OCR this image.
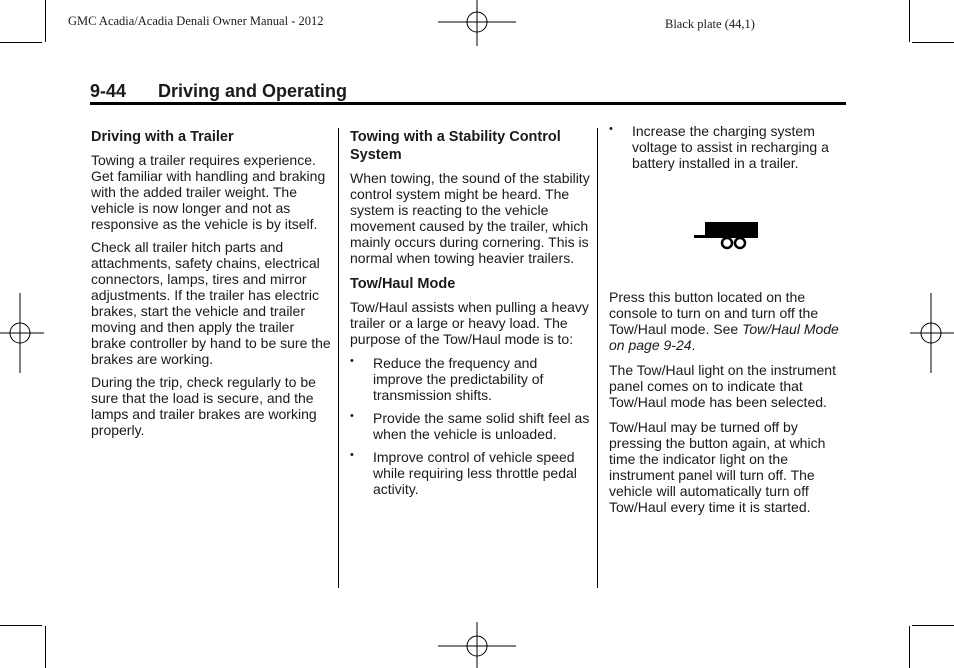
GMC Acadia/Acadia Denali Owner Manual - 2012	Black plate (44,1)
9-44 Driving and Operating
Driving with a Trailer

Towing a trailer requires experience. Get familiar with handling and braking with the added trailer weight. The vehicle is now longer and not as responsive as the vehicle is by itself.

Check all trailer hitch parts and attachments, safety chains, electrical connectors, lamps, tires and mirror adjustments. If the trailer has electric brakes, start the vehicle and trailer moving and then apply the trailer brake controller by hand to be sure the brakes are working.

During the trip, check regularly to be sure that the load is secure, and the lamps and trailer brakes are working properly.

Towing with a Stability Control System

When towing, the sound of the stability control system might be heard. The system is reacting to the vehicle movement caused by the trailer, which mainly occurs during cornering. This is normal when towing heavier trailers.

Tow/Haul Mode

Tow/Haul assists when pulling a heavy trailer or a large or heavy load. The purpose of the Tow/Haul mode is to:

• Reduce the frequency and improve the predictability of transmission shifts.
• Provide the same solid shift feel as when the vehicle is unloaded.
• Improve control of vehicle speed while requiring less throttle pedal activity.
• Increase the charging system voltage to assist in recharging a battery installed in a trailer.

Press this button located on the console to turn on and turn off the Tow/Haul mode. See Tow/Haul Mode on page 9-24.

The Tow/Haul light on the instrument panel comes on to indicate that Tow/Haul mode has been selected.

Tow/Haul may be turned off by pressing the button again, at which time the indicator light on the instrument panel will turn off. The vehicle will automatically turn off Tow/Haul every time it is started.
